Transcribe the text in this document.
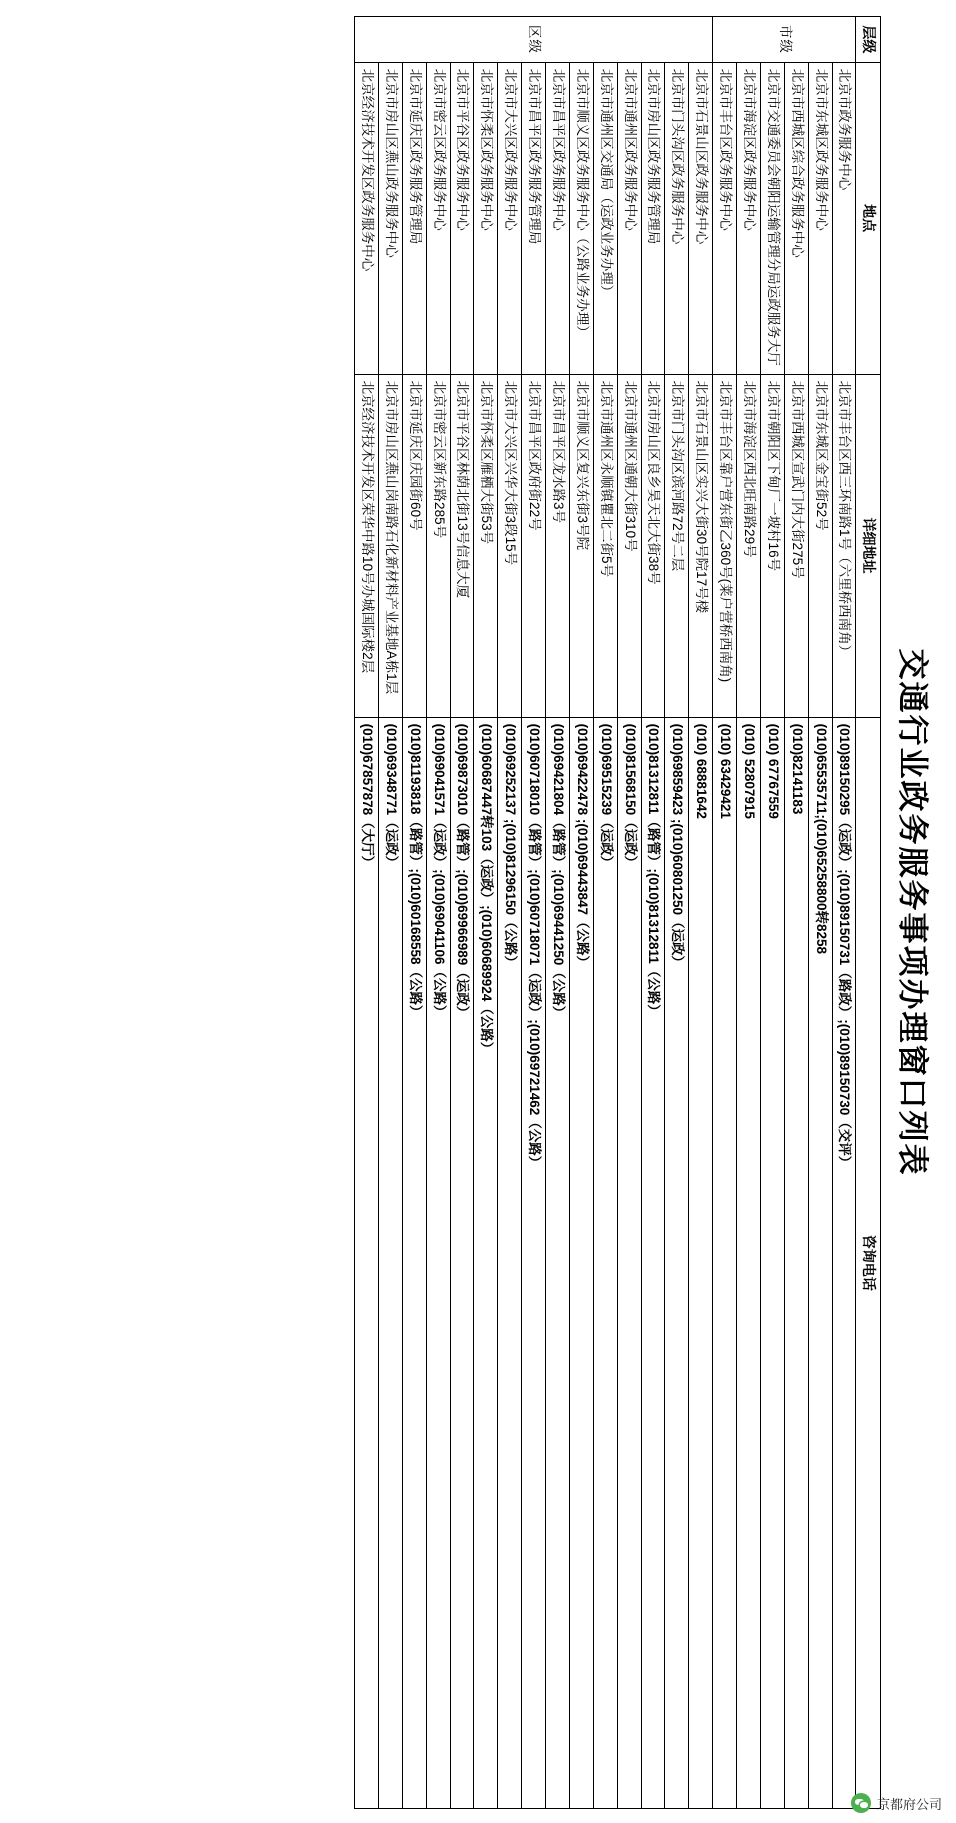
交通行业政务服务事项办理窗口列表
层级	地点	详细地址	咨询电话
市级	北京市政务服务中心	北京市丰台区西三环南路1号（六里桥西南角）	(010)89150295（运政）;(010)89150731（路政）;(010)89150730（交评）
	北京市东城区政务服务中心	北京市东城区金宝街52号	(010)65535711;(010)65258800转8258
	北京市西城区综合政务服务中心	北京市西城区宣武门内大街275号	(010)82141183
	北京市交通委员会朝阳运输管理分局运政服务大厅	北京市朝阳区下甸厂一坡村16号	(010) 67767559
	北京市海淀区政务服务中心	北京市海淀区西北旺南路29号	(010) 52807915
	北京市丰台区政务服务中心	北京市丰台区靠户营东街乙360号(莱户营桥西南角)	(010) 63429421
区级	北京市石景山区政务服务中心	北京市石景山区实兴大街30号院17号楼	(010) 68881642
	北京市门头沟区政务服务中心	北京市门头沟区滨河路72号二层	(010)69859423 ;(010)60801250（运政）
	北京市房山区政务服务管理局	北京市房山区良乡昊天北大街38号	(010)81312811（路管）;(010)81312811（公路）
	北京市通州区政务服务中心	北京市通州区通朝大街310号	(010)81568150（运政）
	北京市通州区交通局（运政业务办理）	北京市通州区永顺镇瞿北二街5号	(010)69515239（运政）
	北京市顺义区政务服务中心（公路业务办理）	北京市顺义区复兴东街3号院	(010)69422478 ;(010)69443847（公路）
	北京市昌平区政务服务中心	北京市昌平区龙水路3号	(010)69421804（路管）;(010)69441250（公路）
	北京市昌平区政务服务管理局	北京市昌平区政府街22号	(010)60718010（路管）;(010)60718071（运政）;(010)69721462（公路）
	北京市大兴区政务服务中心	北京市大兴区兴华大街3段15号	(010)69252137 ;(010)81296150（公路）
	北京市怀柔区政务服务中心	北京市怀柔区雁栖大街53号	(010)60687447转103（运政）;(010)60689924（公路）
	北京市平谷区政务服务中心	北京市平谷区林荫北街13号信息大厦	(010)69873010（路管）;(010)69966989（运政）
	北京市密云区政务服务中心	北京市密云区新东路285号	(010)69041571（运政）;(010)69041106（公路）
	北京市延庆区政务服务管理局	北京市延庆区庆园街60号	(010)81193818（路管）;(010)60168558（公路）
	北京市房山区燕山政务服务中心	北京市房山区燕山岗南路石化新材料产业基地A栋1层	(010)69348771（运政）
	北京经济技术开发区政务服务中心	北京经济技术开发区荣华中路10号办城国际楼2层	(010)67857878（大厅）
京都府公司
